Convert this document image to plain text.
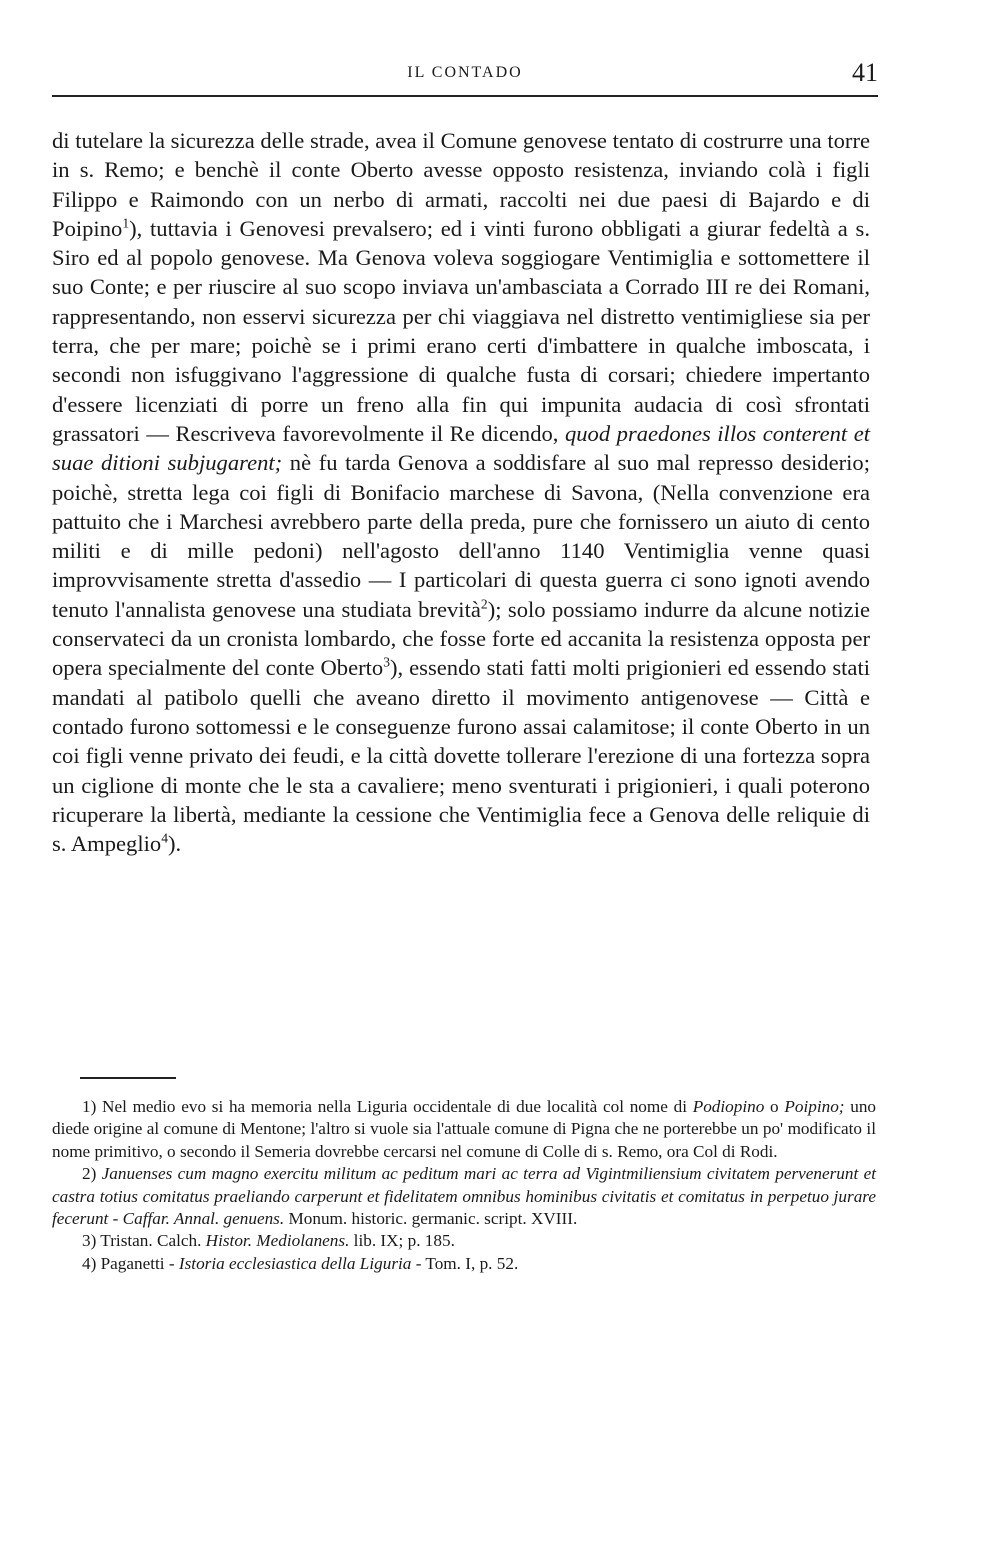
IL CONTADO	41

di tutelare la sicurezza delle strade, avea il Comune genovese tentato di costrurre una torre in s. Remo; e benchè il conte Oberto avesse opposto resistenza, inviando colà i figli Filippo e Raimondo con un nerbo di armati, raccolti nei due paesi di Bajardo e di Poipino$^1$), tuttavia i Genovesi prevalsero; ed i vinti furono obbligati a giurar fedeltà a s. Siro ed al popolo genovese. Ma Genova voleva soggiogare Ventimiglia e sottomettere il suo Conte; e per riuscire al suo scopo inviava un'ambasciata a Corrado III re dei Romani, rappresentando, non esservi sicurezza per chi viaggiava nel distretto ventimigliese sia per terra, che per mare; poichè se i primi erano certi d'imbattere in qualche imboscata, i secondi non isfuggivano l'aggressione di qualche fusta di corsari; chiedere impertanto d'essere licenziati di porre un freno alla fin qui impunita audacia di così sfrontati grassatori — Rescriveva favorevolmente il Re dicendo, quod praedones illos conterent et suae ditioni subjugarent; nè fu tarda Genova a soddisfare al suo mal represso desiderio; poichè, stretta lega coi figli di Bonifacio marchese di Savona, (Nella convenzione era pattuito che i Marchesi avrebbero parte della preda, pure che fornissero un aiuto di cento militi e di mille pedoni) nell'agosto dell'anno 1140 Ventimiglia venne quasi improvvisamente stretta d'assedio — I particolari di questa guerra ci sono ignoti avendo tenuto l'annalista genovese una studiata brevità$^2$); solo possiamo indurre da alcune notizie conservateci da un cronista lombardo, che fosse forte ed accanita la resistenza opposta per opera specialmente del conte Oberto$^3$), essendo stati fatti molti prigionieri ed essendo stati mandati al patibolo quelli che aveano diretto il movimento antigenovese — Città e contado furono sottomessi e le conseguenze furono assai calamitose; il conte Oberto in un coi figli venne privato dei feudi, e la città dovette tollerare l'erezione di una fortezza sopra un ciglione di monte che le sta a cavaliere; meno sventurati i prigionieri, i quali poterono ricuperare la libertà, mediante la cessione che Ventimiglia fece a Genova delle reliquie di s. Ampeglio$^4$).

1) Nel medio evo si ha memoria nella Liguria occidentale di due località col nome di Podiopino o Poipino; uno diede origine al comune di Mentone; l'altro si vuole sia l'attuale comune di Pigna che ne porterebbe un po' modificato il nome primitivo, o secondo il Semeria dovrebbe cercarsi nel comune di Colle di s. Remo, ora Col di Rodi.

2) Januenses cum magno exercitu militum ac peditum mari ac terra ad Vigintmiliensium civitatem pervenerunt et castra totius comitatus praeliando carperunt et fidelitatem omnibus hominibus civitatis et comitatus in perpetuo jurare fecerunt - Caffar. Annal. genuens. Monum. historic. germanic. script. XVIII.

3) Tristan. Calch. Histor. Mediolanens. lib. IX; p. 185.

4) Paganetti - Istoria ecclesiastica della Liguria - Tom. I, p. 52.
